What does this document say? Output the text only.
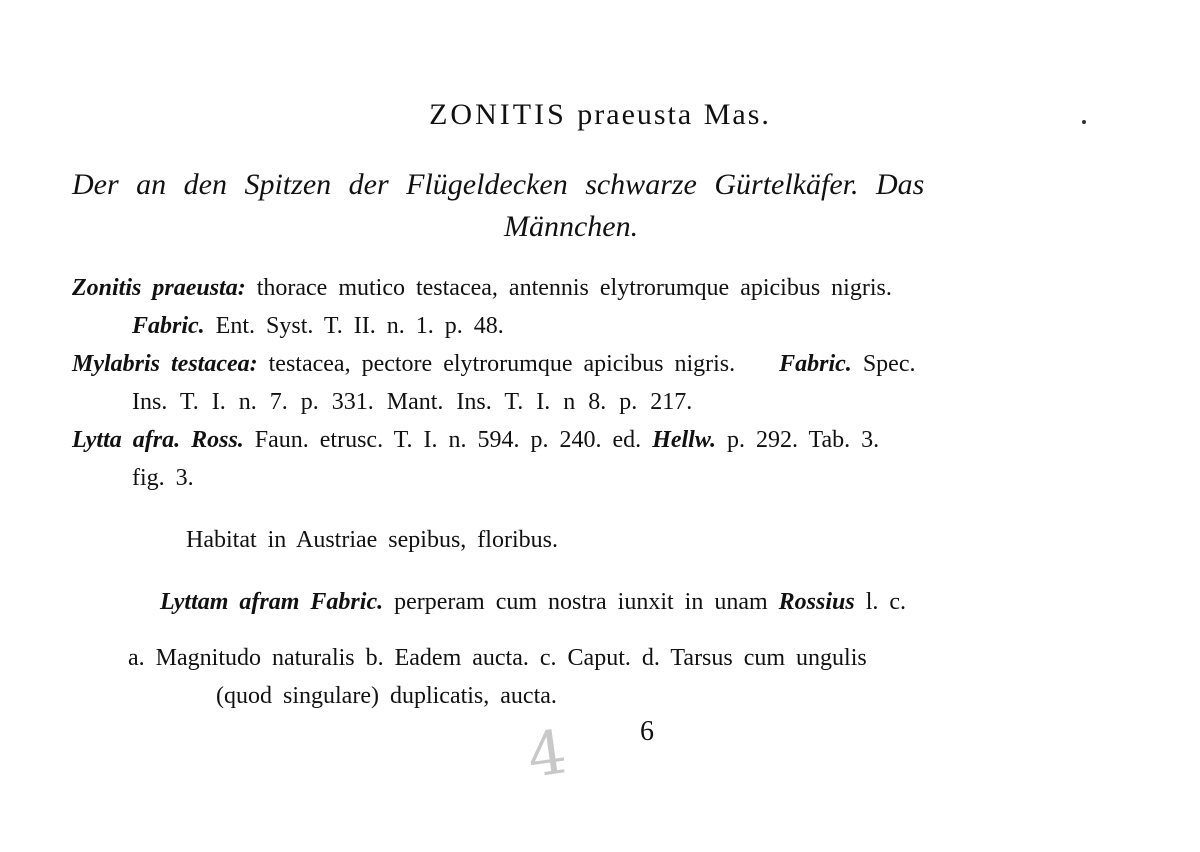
ZONITIS praeusta Mas.
Der an den Spitzen der Flügeldecken schwarze Gürtelkäfer. Das
Männchen.
Zonitis praeusta: thorace mutico testacea, antennis elytrorumque apicibus nigris.
Fabric. Ent. Syst. T. II. n. 1. p. 48.
Mylabris testacea: testacea, pectore elytrorumque apicibus nigris. Fabric. Spec.
Ins. T. I. n. 7. p. 331. Mant. Ins. T. I. n 8. p. 217.
Lytta afra. Ross. Faun. etrusc. T. I. n. 594. p. 240. ed. Hellw. p. 292. Tab. 3.
fig. 3.
Habitat in Austriae sepibus, floribus.
Lyttam afram Fabric. perperam cum nostra iunxit in unam Rossius l. c.
a. Magnitudo naturalis b. Eadem aucta. c. Caput. d. Tarsus cum ungulis
(quod singulare) duplicatis, aucta.
6
4
